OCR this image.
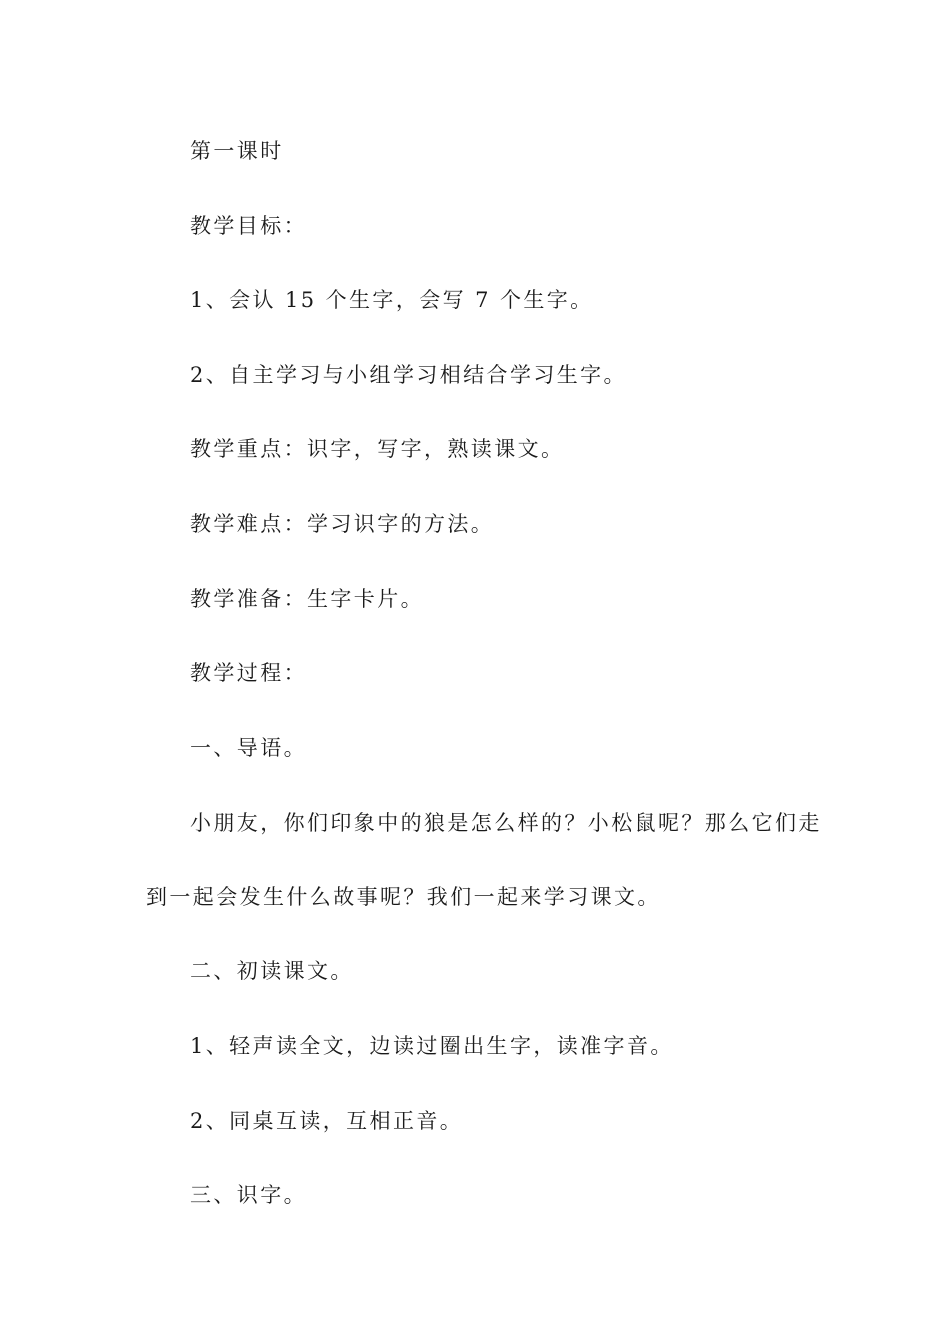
第一课时
教学目标：
1、会认 15 个生字，会写 7 个生字。
2、自主学习与小组学习相结合学习生字。
教学重点：识字，写字，熟读课文。
教学难点：学习识字的方法。
教学准备：生字卡片。
教学过程：
一、导语。
小朋友，你们印象中的狼是怎么样的？小松鼠呢？那么它们走
到一起会发生什么故事呢？我们一起来学习课文。
二、初读课文。
1、轻声读全文，边读过圈出生字，读准字音。
2、同桌互读，互相正音。
三、识字。
